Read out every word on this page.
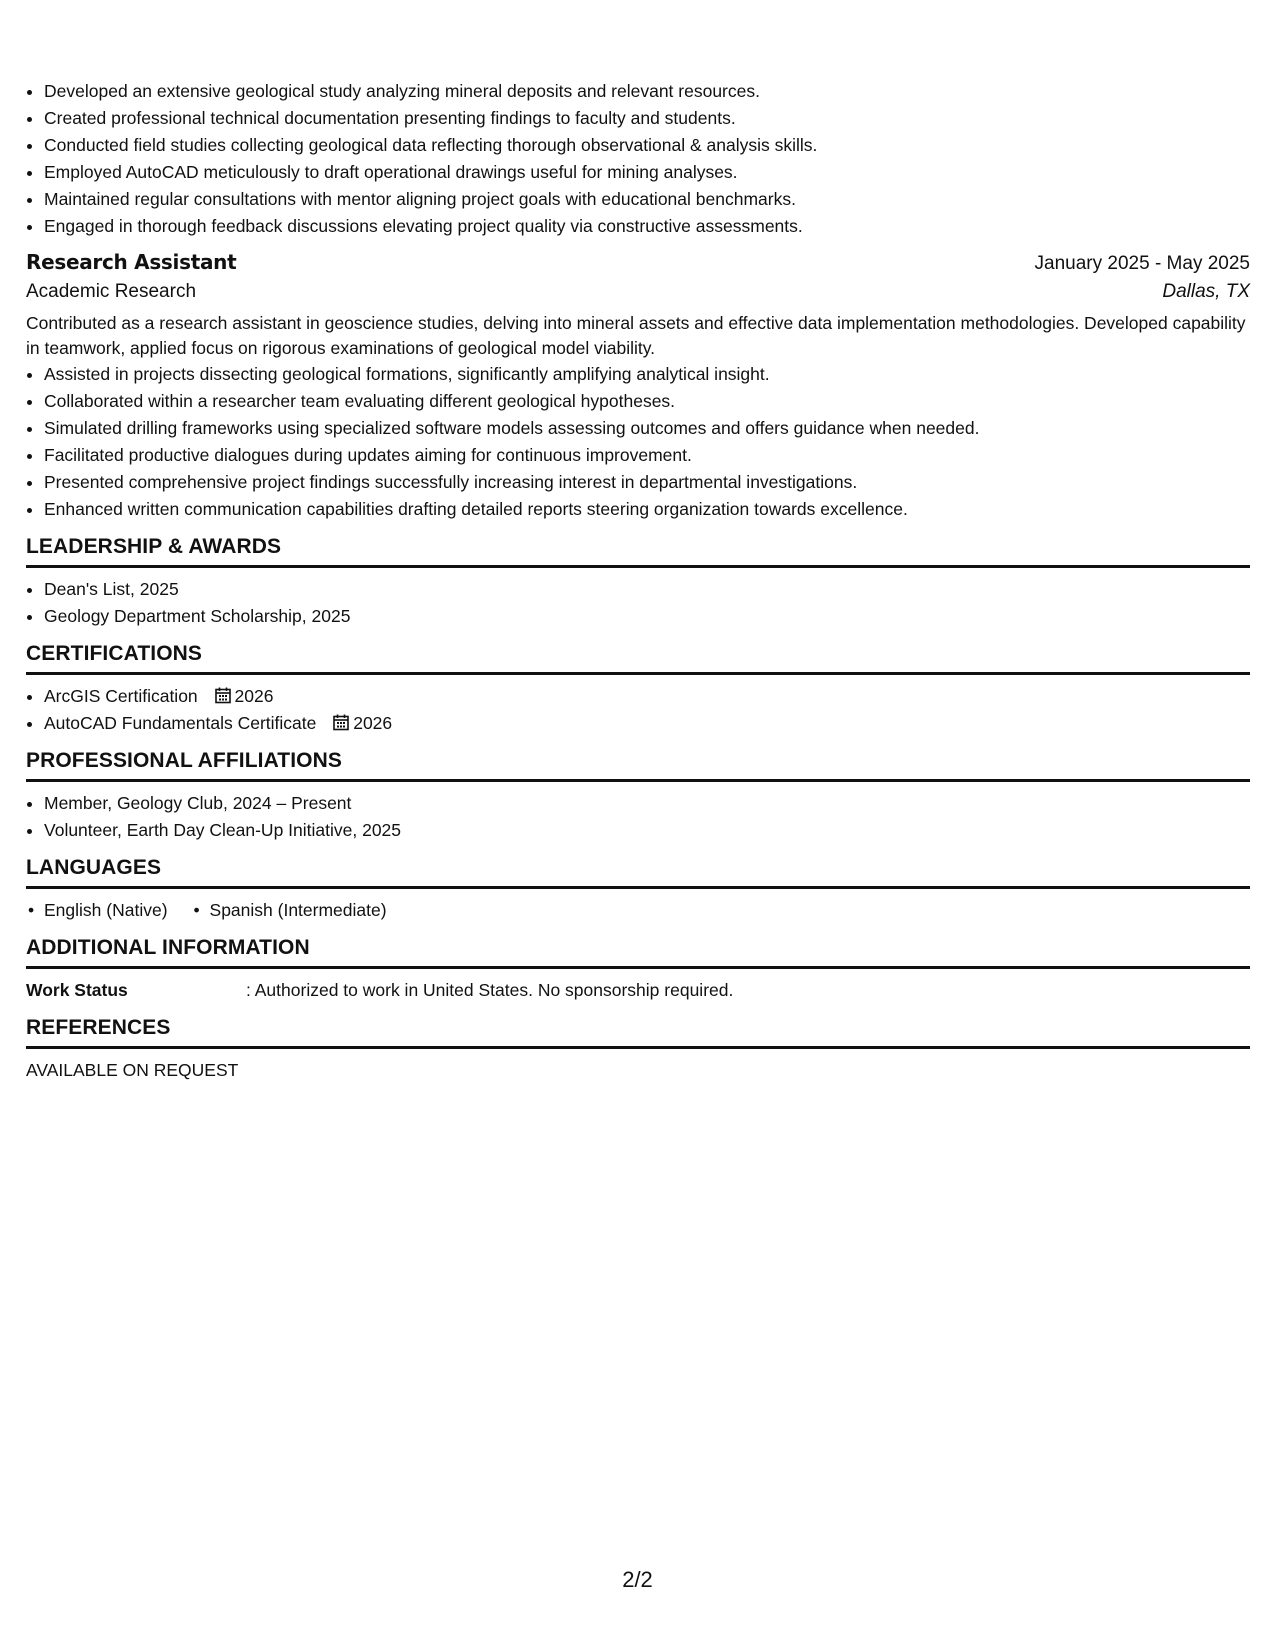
• Developed an extensive geological study analyzing mineral deposits and relevant resources.
• Created professional technical documentation presenting findings to faculty and students.
• Conducted field studies collecting geological data reflecting thorough observational & analysis skills.
• Employed AutoCAD meticulously to draft operational drawings useful for mining analyses.
• Maintained regular consultations with mentor aligning project goals with educational benchmarks.
• Engaged in thorough feedback discussions elevating project quality via constructive assessments.
Research Assistant	January 2025 - May 2025
Academic Research	Dallas, TX
Contributed as a research assistant in geoscience studies, delving into mineral assets and effective data implementation methodologies. Developed capability in teamwork, applied focus on rigorous examinations of geological model viability.
• Assisted in projects dissecting geological formations, significantly amplifying analytical insight.
• Collaborated within a researcher team evaluating different geological hypotheses.
• Simulated drilling frameworks using specialized software models assessing outcomes and offers guidance when needed.
• Facilitated productive dialogues during updates aiming for continuous improvement.
• Presented comprehensive project findings successfully increasing interest in departmental investigations.
• Enhanced written communication capabilities drafting detailed reports steering organization towards excellence.
LEADERSHIP & AWARDS
• Dean's List, 2025
• Geology Department Scholarship, 2025
CERTIFICATIONS
• ArcGIS Certification 2026
• AutoCAD Fundamentals Certificate 2026
PROFESSIONAL AFFILIATIONS
• Member, Geology Club, 2024 – Present
• Volunteer, Earth Day Clean-Up Initiative, 2025
LANGUAGES
• English (Native)
•	Spanish (Intermediate)
ADDITIONAL INFORMATION
Work Status	: Authorized to work in United States. No sponsorship required.
REFERENCES
AVAILABLE ON REQUEST
2/2
